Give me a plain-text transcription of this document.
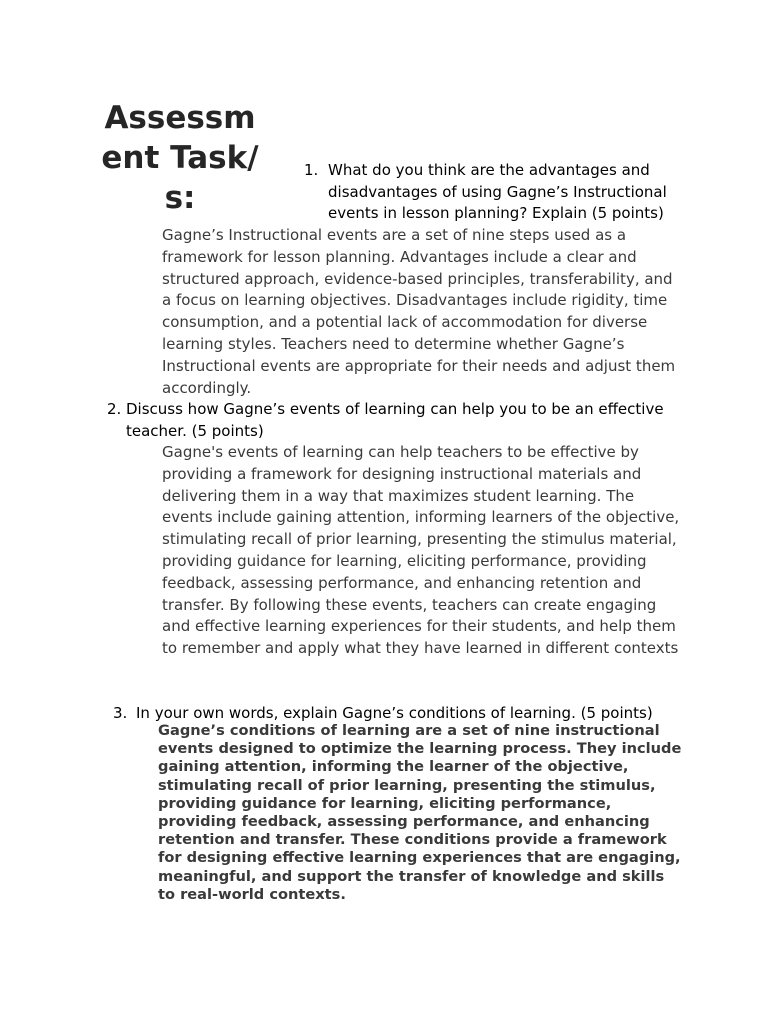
Assessment Task/s:
1. What do you think are the advantages and disadvantages of using Gagne’s Instructional events in lesson planning? Explain (5 points)

Gagne’s Instructional events are a set of nine steps used as a framework for lesson planning. Advantages include a clear and structured approach, evidence-based principles, transferability, and a focus on learning objectives. Disadvantages include rigidity, time consumption, and a potential lack of accommodation for diverse learning styles. Teachers need to determine whether Gagne’s Instructional events are appropriate for their needs and adjust them accordingly.

2. Discuss how Gagne’s events of learning can help you to be an effective teacher. (5 points)

Gagne's events of learning can help teachers to be effective by providing a framework for designing instructional materials and delivering them in a way that maximizes student learning. The events include gaining attention, informing learners of the objective, stimulating recall of prior learning, presenting the stimulus material, providing guidance for learning, eliciting performance, providing feedback, assessing performance, and enhancing retention and transfer. By following these events, teachers can create engaging and effective learning experiences for their students, and help them to remember and apply what they have learned in different contexts

3. In your own words, explain Gagne’s conditions of learning. (5 points)

Gagne’s conditions of learning are a set of nine instructional events designed to optimize the learning process. They include gaining attention, informing the learner of the objective, stimulating recall of prior learning, presenting the stimulus, providing guidance for learning, eliciting performance, providing feedback, assessing performance, and enhancing retention and transfer. These conditions provide a framework for designing effective learning experiences that are engaging, meaningful, and support the transfer of knowledge and skills to real-world contexts.
